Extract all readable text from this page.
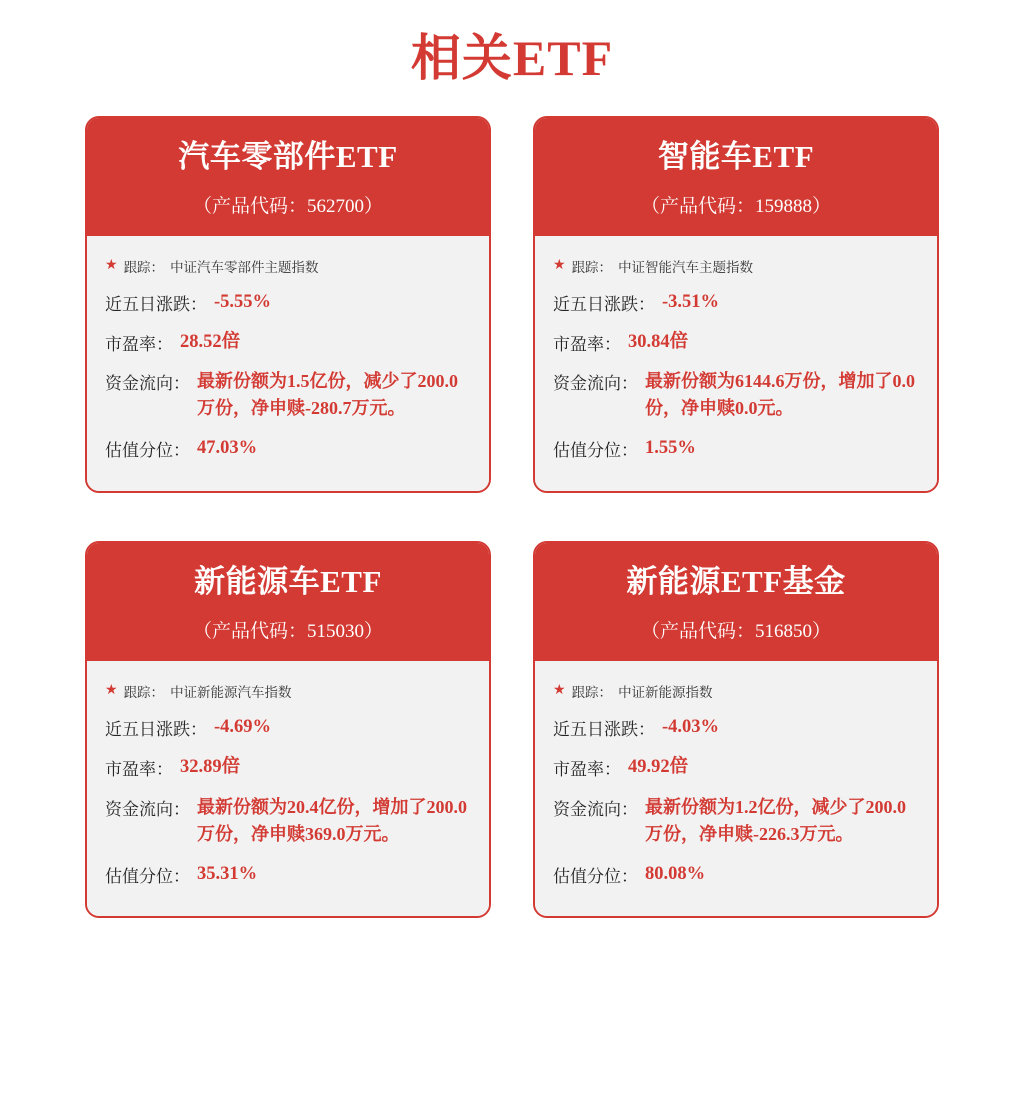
相关ETF
汽车零部件ETF
（产品代码：562700）
★ 跟踪： 中证汽车零部件主题指数
近五日涨跌： -5.55%
市盈率： 28.52倍
资金流向： 最新份额为1.5亿份，减少了200.0万份，净申赎-280.7万元。
估值分位： 47.03%
智能车ETF
（产品代码：159888）
★ 跟踪： 中证智能汽车主题指数
近五日涨跌： -3.51%
市盈率： 30.84倍
资金流向： 最新份额为6144.6万份，增加了0.0份，净申赎0.0元。
估值分位： 1.55%
新能源车ETF
（产品代码：515030）
★ 跟踪： 中证新能源汽车指数
近五日涨跌： -4.69%
市盈率： 32.89倍
资金流向： 最新份额为20.4亿份，增加了200.0万份，净申赎369.0万元。
估值分位： 35.31%
新能源ETF基金
（产品代码：516850）
★ 跟踪： 中证新能源指数
近五日涨跌： -4.03%
市盈率： 49.92倍
资金流向： 最新份额为1.2亿份，减少了200.0万份，净申赎-226.3万元。
估值分位： 80.08%
